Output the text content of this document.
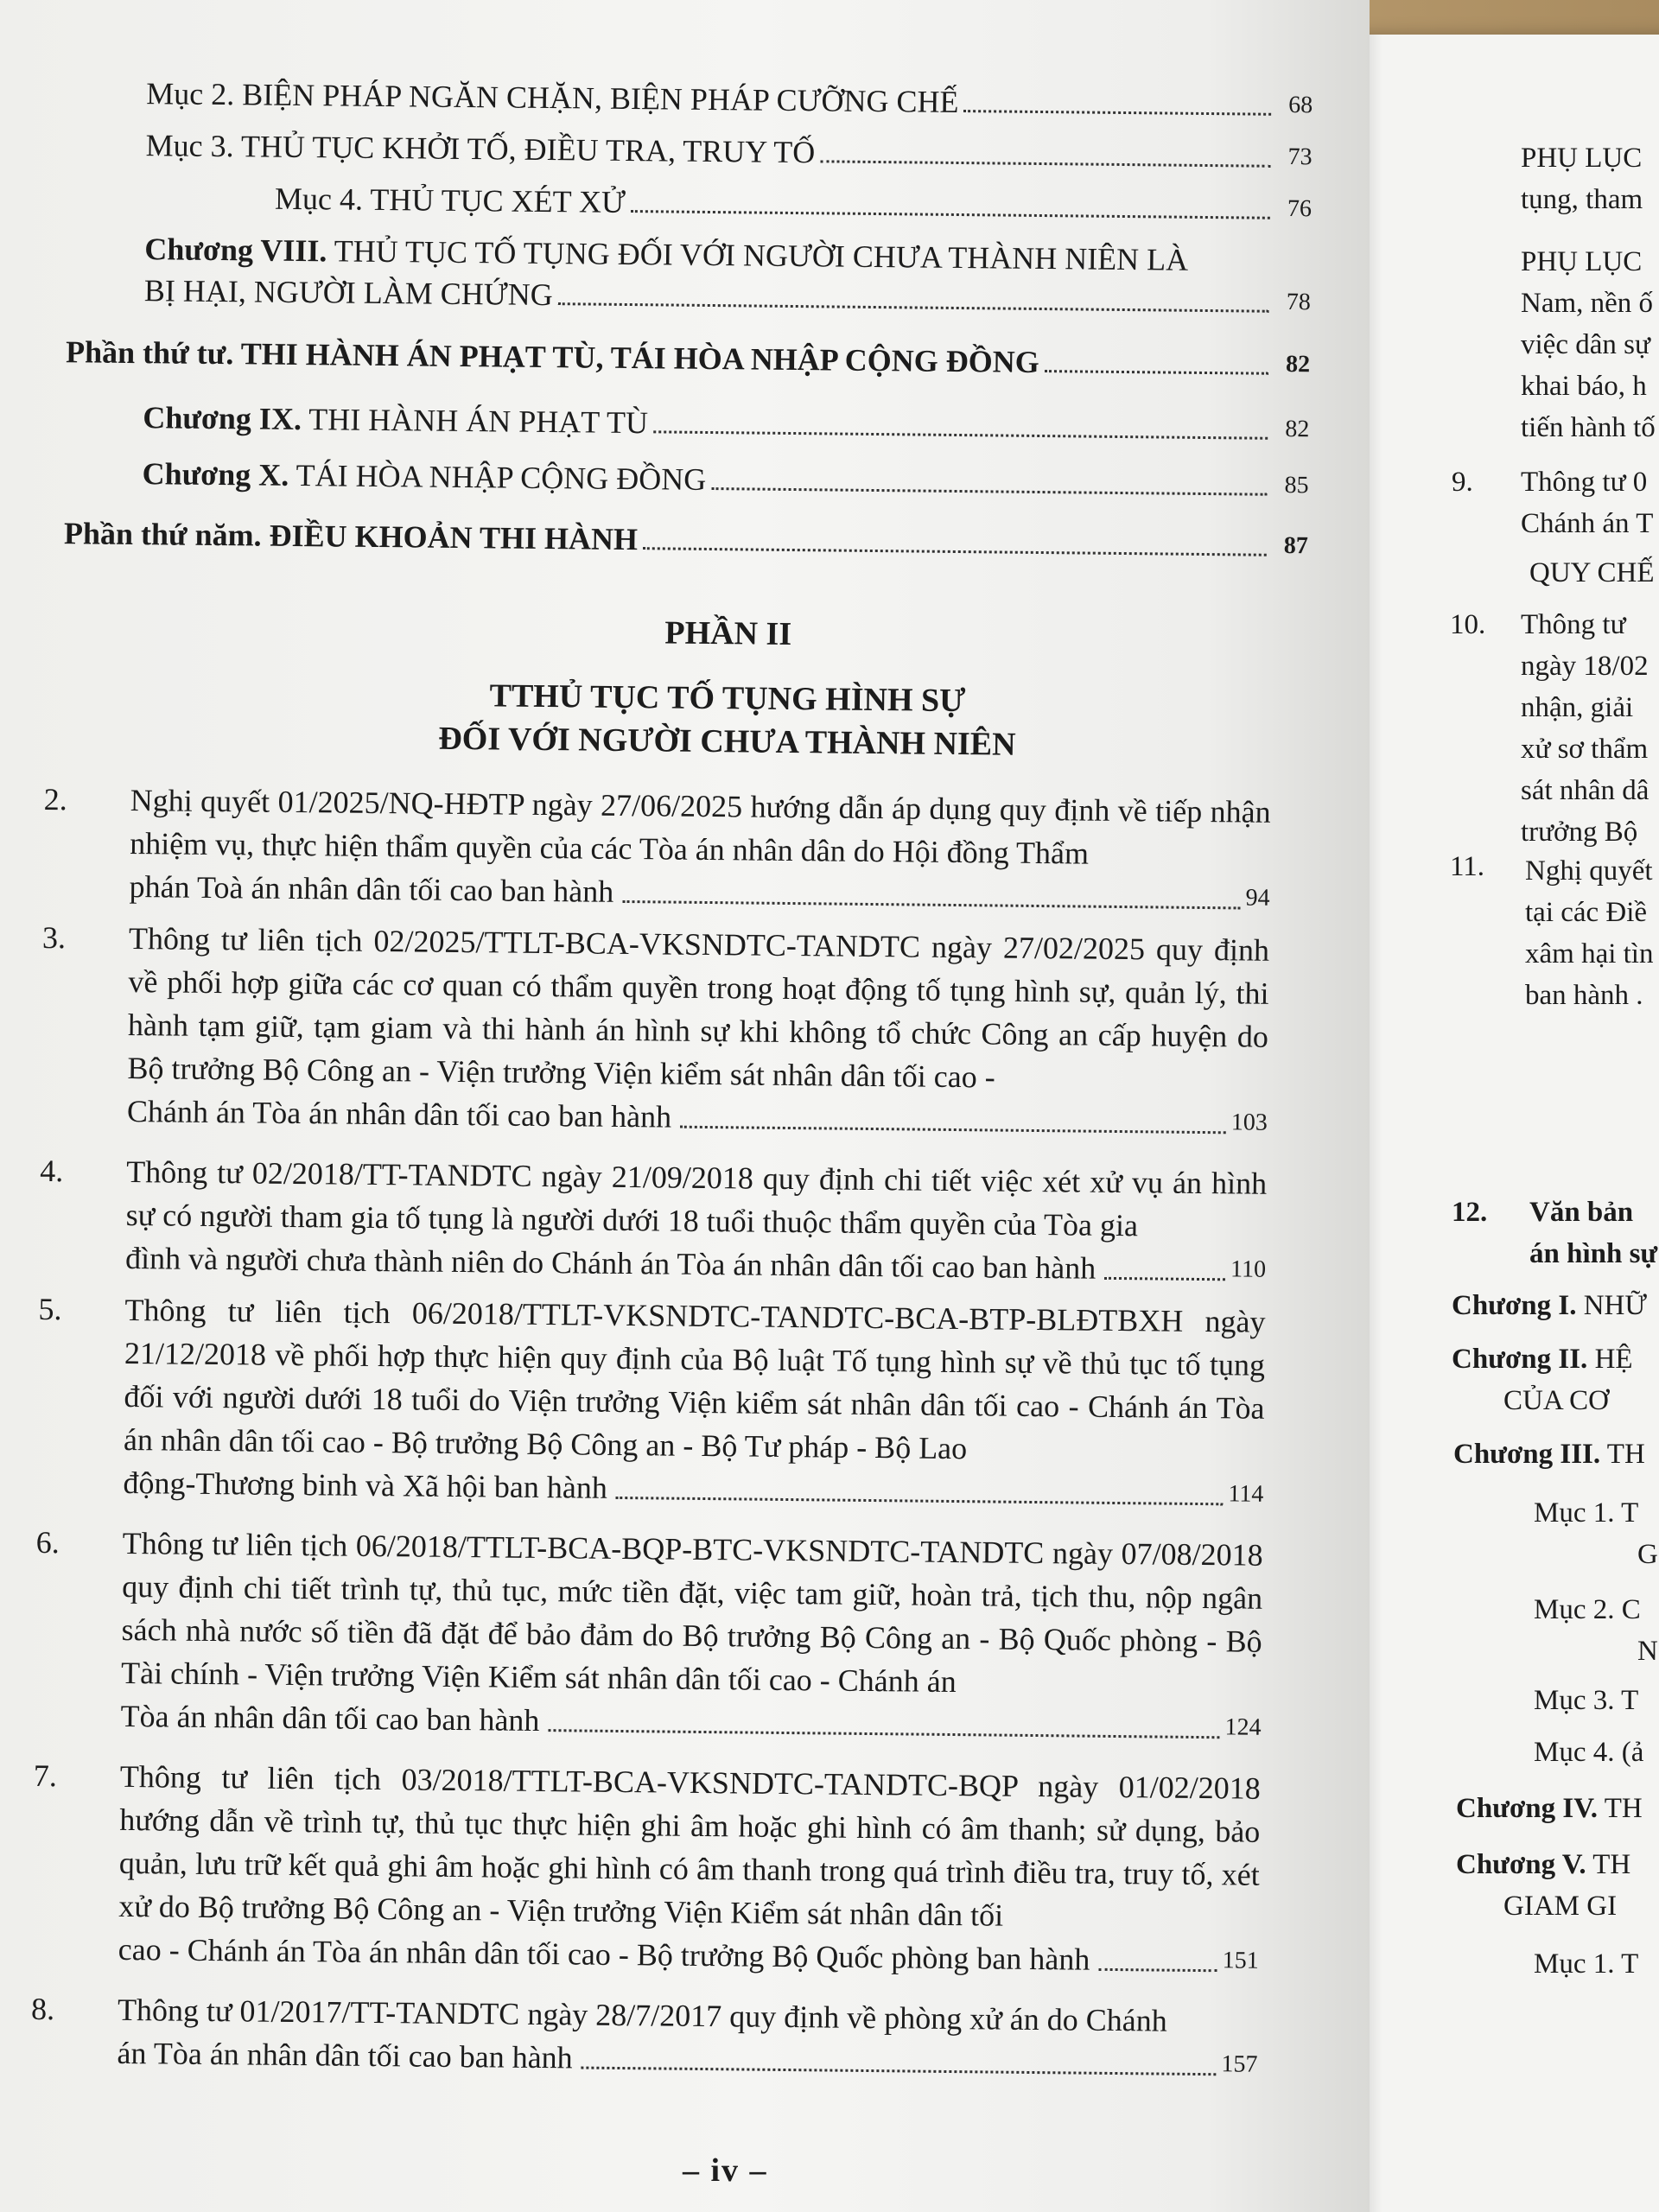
PHỤ LỤC
tụng, tham
PHỤ LỤC
Nam, nền ố
việc dân sự
khai báo, h
tiến hành tố
9. Thông tư 0
Chánh án T
QUY CHẾ
10. Thông tư
ngày 18/02
nhận, giải
xử sơ thẩm
sát nhân dâ
trưởng Bộ
11. Nghị quyết
tại các Điề
xâm hại tìn
ban hành .
12. Văn bản
án hình sự
Chương I. NHỮ
Chương II. HỆ
CỦA CƠ
Chương III. TH
Mục 1. T
G
Mục 2. C
N
Mục 3. T
Mục 4. (ả
Chương IV. TH
Chương V. TH
GIAM GI
Mục 1. T
Mục 2. BIỆN PHÁP NGĂN CHẶN, BIỆN PHÁP CƯỠNG CHẾ	68
Mục 3. THỦ TỤC KHỞI TỐ, ĐIỀU TRA, TRUY TỐ	73
Mục 4. THỦ TỤC XÉT XỬ	76
Chương VIII. THỦ TỤC TỐ TỤNG ĐỐI VỚI NGƯỜI CHƯA THÀNH NIÊN LÀ
BỊ HẠI, NGƯỜI LÀM CHỨNG	78
Phần thứ tư. THI HÀNH ÁN PHẠT TÙ, TÁI HÒA NHẬP CỘNG ĐỒNG	82
Chương IX. THI HÀNH ÁN PHẠT TÙ	82
Chương X. TÁI HÒA NHẬP CỘNG ĐỒNG	85
Phần thứ năm. ĐIỀU KHOẢN THI HÀNH	87
PHẦN II
TTHỦ TỤC TỐ TỤNG HÌNH SỰ
ĐỐI VỚI NGƯỜI CHƯA THÀNH NIÊN
2.	Nghị quyết 01/2025/NQ-HĐTP ngày 27/06/2025 hướng dẫn áp dụng quy định về tiếp nhận nhiệm vụ, thực hiện thẩm quyền của các Tòa án nhân dân do Hội đồng Thẩm
phán Toà án nhân dân tối cao ban hành	94
3.	Thông tư liên tịch 02/2025/TTLT-BCA-VKSNDTC-TANDTC ngày 27/02/2025 quy định về phối hợp giữa các cơ quan có thẩm quyền trong hoạt động tố tụng hình sự, quản lý, thi hành tạm giữ, tạm giam và thi hành án hình sự khi không tổ chức Công an cấp huyện do Bộ trưởng Bộ Công an - Viện trưởng Viện kiểm sát nhân dân tối cao -
Chánh án Tòa án nhân dân tối cao ban hành	103
4.	Thông tư 02/2018/TT-TANDTC ngày 21/09/2018 quy định chi tiết việc xét xử vụ án hình sự có người tham gia tố tụng là người dưới 18 tuổi thuộc thẩm quyền của Tòa gia
đình và người chưa thành niên do Chánh án Tòa án nhân dân tối cao ban hành	110
5.	Thông tư liên tịch 06/2018/TTLT-VKSNDTC-TANDTC-BCA-BTP-BLĐTBXH ngày 21/12/2018 về phối hợp thực hiện quy định của Bộ luật Tố tụng hình sự về thủ tục tố tụng đối với người dưới 18 tuổi do Viện trưởng Viện kiểm sát nhân dân tối cao - Chánh án Tòa án nhân dân tối cao - Bộ trưởng Bộ Công an - Bộ Tư pháp - Bộ Lao
động-Thương binh và Xã hội ban hành	114
6.	Thông tư liên tịch 06/2018/TTLT-BCA-BQP-BTC-VKSNDTC-TANDTC ngày 07/08/2018 quy định chi tiết trình tự, thủ tục, mức tiền đặt, việc tam giữ, hoàn trả, tịch thu, nộp ngân sách nhà nước số tiền đã đặt để bảo đảm do Bộ trưởng Bộ Công an - Bộ Quốc phòng - Bộ Tài chính - Viện trưởng Viện Kiểm sát nhân dân tối cao - Chánh án
Tòa án nhân dân tối cao ban hành	124
7.	Thông tư liên tịch 03/2018/TTLT-BCA-VKSNDTC-TANDTC-BQP ngày 01/02/2018 hướng dẫn về trình tự, thủ tục thực hiện ghi âm hoặc ghi hình có âm thanh; sử dụng, bảo quản, lưu trữ kết quả ghi âm hoặc ghi hình có âm thanh trong quá trình điều tra, truy tố, xét xử do Bộ trưởng Bộ Công an - Viện trưởng Viện Kiểm sát nhân dân tối
cao - Chánh án Tòa án nhân dân tối cao - Bộ trưởng Bộ Quốc phòng ban hành	151
8.	Thông tư 01/2017/TT-TANDTC ngày 28/7/2017 quy định về phòng xử án do Chánh
án Tòa án nhân dân tối cao ban hành	157
– iv –
